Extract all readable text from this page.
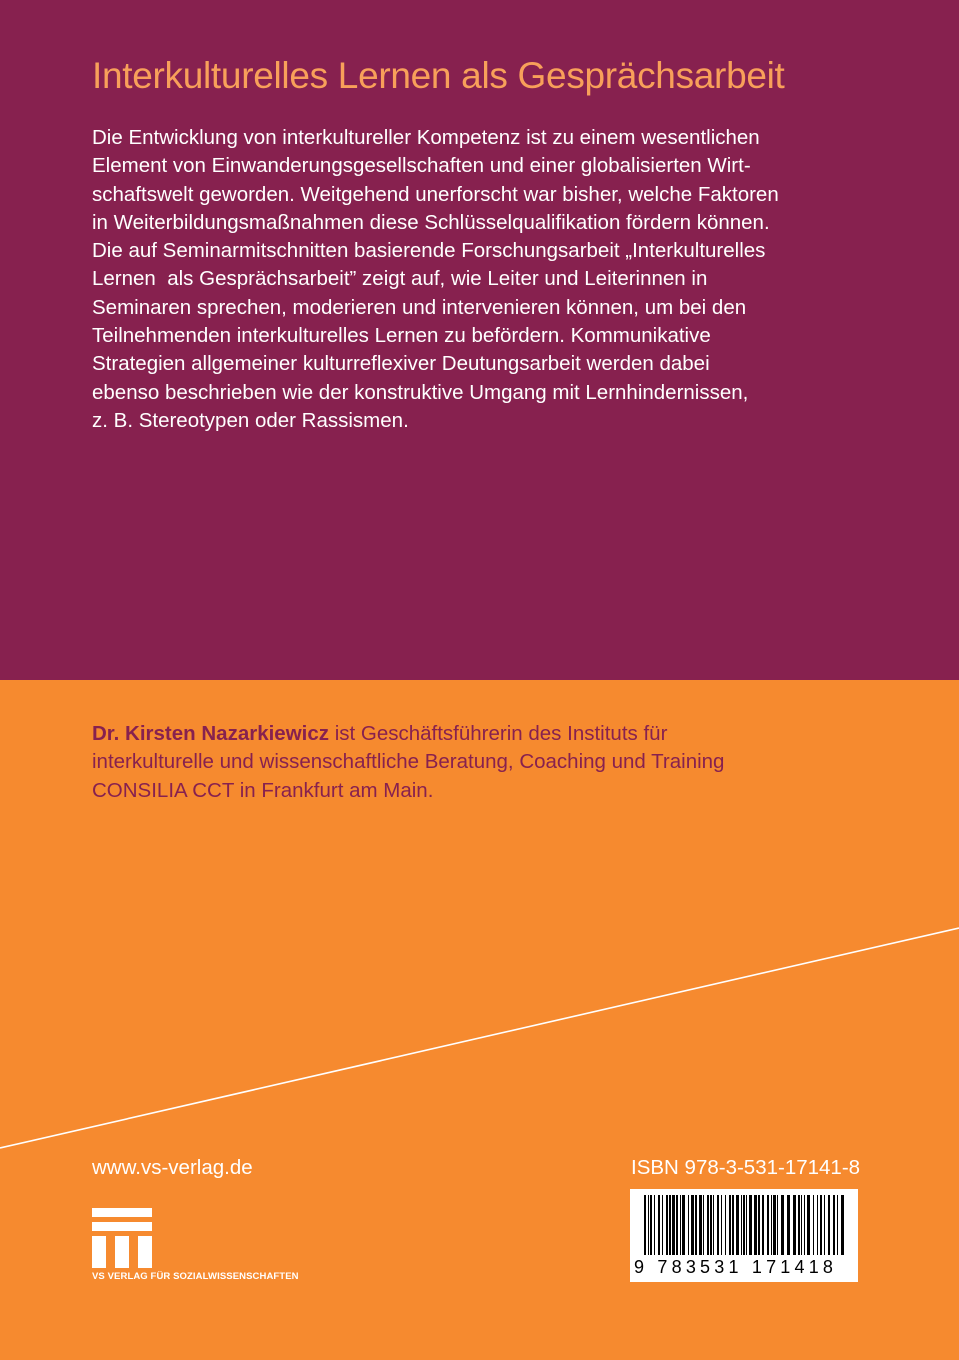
Interkulturelles Lernen als Gesprächsarbeit
Die Entwicklung von interkultureller Kompetenz ist zu einem wesentlichen
Element von Einwanderungsgesellschaften und einer globalisierten Wirt-
schaftswelt geworden. Weitgehend unerforscht war bisher, welche Faktoren
in Weiterbildungsmaßnahmen diese Schlüsselqualifikation fördern können.
Die auf Seminarmitschnitten basierende Forschungsarbeit „Interkulturelles
Lernen  als Gesprächsarbeit” zeigt auf, wie Leiter und Leiterinnen in
Seminaren sprechen, moderieren und intervenieren können, um bei den
Teilnehmenden interkulturelles Lernen zu befördern. Kommunikative
Strategien allgemeiner kulturreflexiver Deutungsarbeit werden dabei
ebenso beschrieben wie der konstruktive Umgang mit Lernhindernissen,
z. B. Stereotypen oder Rassismen.
Dr. Kirsten Nazarkiewicz ist Geschäftsführerin des Instituts für
interkulturelle und wissenschaftliche Beratung, Coaching und Training
CONSILIA CCT in Frankfurt am Main.
www.vs-verlag.de
VS VERLAG FÜR SOZIALWISSENSCHAFTEN
ISBN 978-3-531-17141-8
9 783531 171418
